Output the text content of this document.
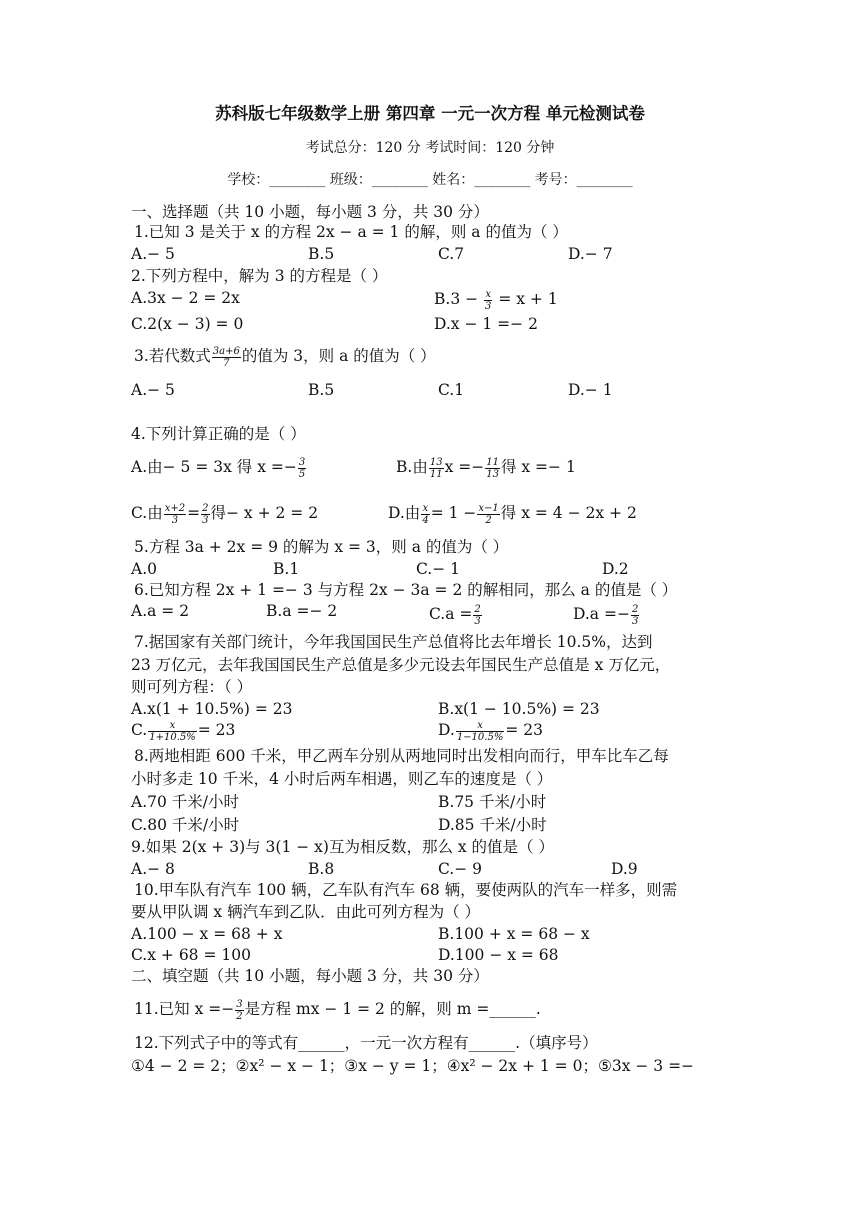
苏科版七年级数学上册 第四章 一元一次方程 单元检测试卷
考试总分：120 分 考试时间：120 分钟
学校：________ 班级：________ 姓名：________ 考号：________
一、选择题（共 10 小题，每小题 3 分，共 30 分）
1.已知 3 是关于 x 的方程 2x − a = 1 的解，则 a 的值为（ ）
A.− 5	B.5	C.7	D.− 7
2.下列方程中，解为 3 的方程是（ ）
A.3x − 2 = 2x	$B.3 - \frac{x}{3} = x + 1$
C.2(x − 3) = 0	D.x − 1 =− 2
3.若代数式 $\frac{3a+6}{7}$ 的值为 3，则 a 的值为（ ）
A.− 5	B.5	C.1	D.− 1
4.下列计算正确的是（ ）
A.由− 5 = 3x 得 $x =- \frac{3}{5}$	B.由 $\frac{13}{11}$ $x =- \frac{11}{13}$ 得 x =− 1
C.由 $\frac{x+2}{3} = \frac{2}{3}$ 得− x + 2 = 2	D.由 $\frac{x}{4} = 1 - \frac{x-1}{2}$ 得 x = 4 − 2x + 2
5.方程 3a + 2x = 9 的解为 x = 3，则 a 的值为（ ）
A.0	B.1	C.− 1	D.2
6.已知方程 2x + 1 =− 3 与方程 2x − 3a = 2 的解相同，那么 a 的值是（ ）
A.a = 2	B.a =− 2	$C.a = \frac{2}{3}$	$D.a =- \frac{2}{3}$
7.据国家有关部门统计，今年我国国民生产总值将比去年增长 10.5%，达到
23 万亿元，去年我国国民生产总值是多少元设去年国民生产总值是 x 万亿元，
则可列方程：（ ）
A.x(1 + 10.5%) = 23	B.x(1 − 10.5%) = 23
C. $\frac{x}{1+10.5\%} = 23$	D. $\frac{x}{1-10.5\%} = 23$
8.两地相距 600 千米，甲乙两车分别从两地同时出发相向而行，甲车比车乙每
小时多走 10 千米，4 小时后两车相遇，则乙车的速度是（ ）
A.70 千米/小时	B.75 千米/小时
C.80 千米/小时	D.85 千米/小时
9.如果 2(x + 3)与 3(1 − x)互为相反数，那么 x 的值是（ ）
A.− 8	B.8	C.− 9	D.9
10.甲车队有汽车 100 辆，乙车队有汽车 68 辆，要使两队的汽车一样多，则需
要从甲队调 x 辆汽车到乙队．由此可列方程为（ ）
A.100 − x = 68 + x	B.100 + x = 68 − x
C.x + 68 = 100	D.100 − x = 68
二、填空题（共 10 小题，每小题 3 分，共 30 分）
11.已知 $x =- \frac{3}{2}$ 是方程 mx − 1 = 2 的解，则 m =______.
12.下列式子中的等式有______，一元一次方程有______.（填序号）
①4 − 2 = 2；②x² − x − 1；③x − y = 1；④x² − 2x + 1 = 0；⑤3x − 3 =−
